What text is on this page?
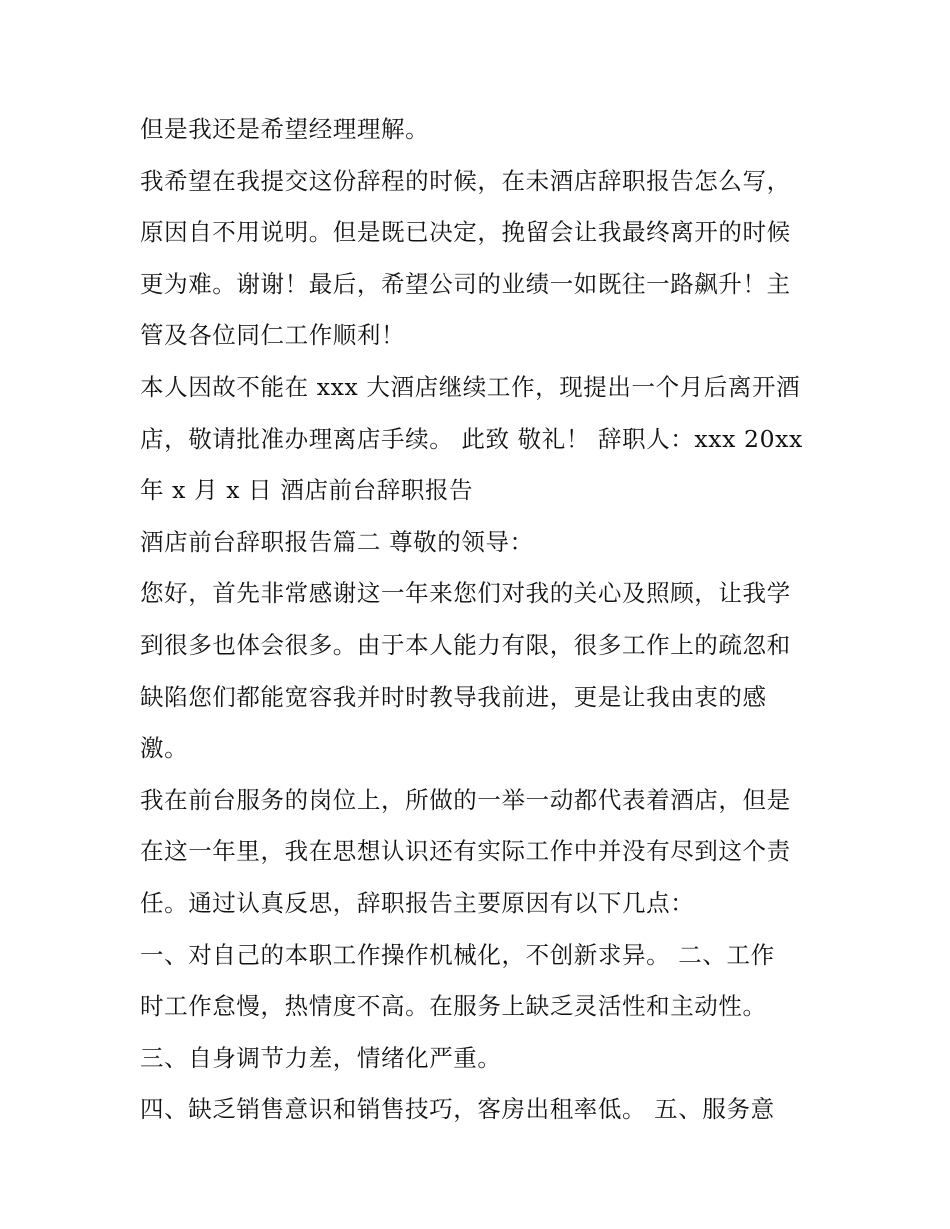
但是我还是希望经理理解。
我希望在我提交这份辞程的时候，在未酒店辞职报告怎么写，
原因自不用说明。但是既已决定，挽留会让我最终离开的时候
更为难。谢谢！最后，希望公司的业绩一如既往一路飙升！主
管及各位同仁工作顺利！
本人因故不能在 xxx 大酒店继续工作，现提出一个月后离开酒
店，敬请批准办理离店手续。 此致 敬礼！ 辞职人：xxx 20xx
年 x 月 x 日 酒店前台辞职报告
酒店前台辞职报告篇二 尊敬的领导：
您好，首先非常感谢这一年来您们对我的关心及照顾，让我学
到很多也体会很多。由于本人能力有限，很多工作上的疏忽和
缺陷您们都能宽容我并时时教导我前进，更是让我由衷的感
激。
我在前台服务的岗位上，所做的一举一动都代表着酒店，但是
在这一年里，我在思想认识还有实际工作中并没有尽到这个责
任。通过认真反思，辞职报告主要原因有以下几点：
一、对自己的本职工作操作机械化，不创新求异。 二、工作
时工作怠慢，热情度不高。在服务上缺乏灵活性和主动性。
三、自身调节力差，情绪化严重。
四、缺乏销售意识和销售技巧，客房出租率低。 五、服务意
